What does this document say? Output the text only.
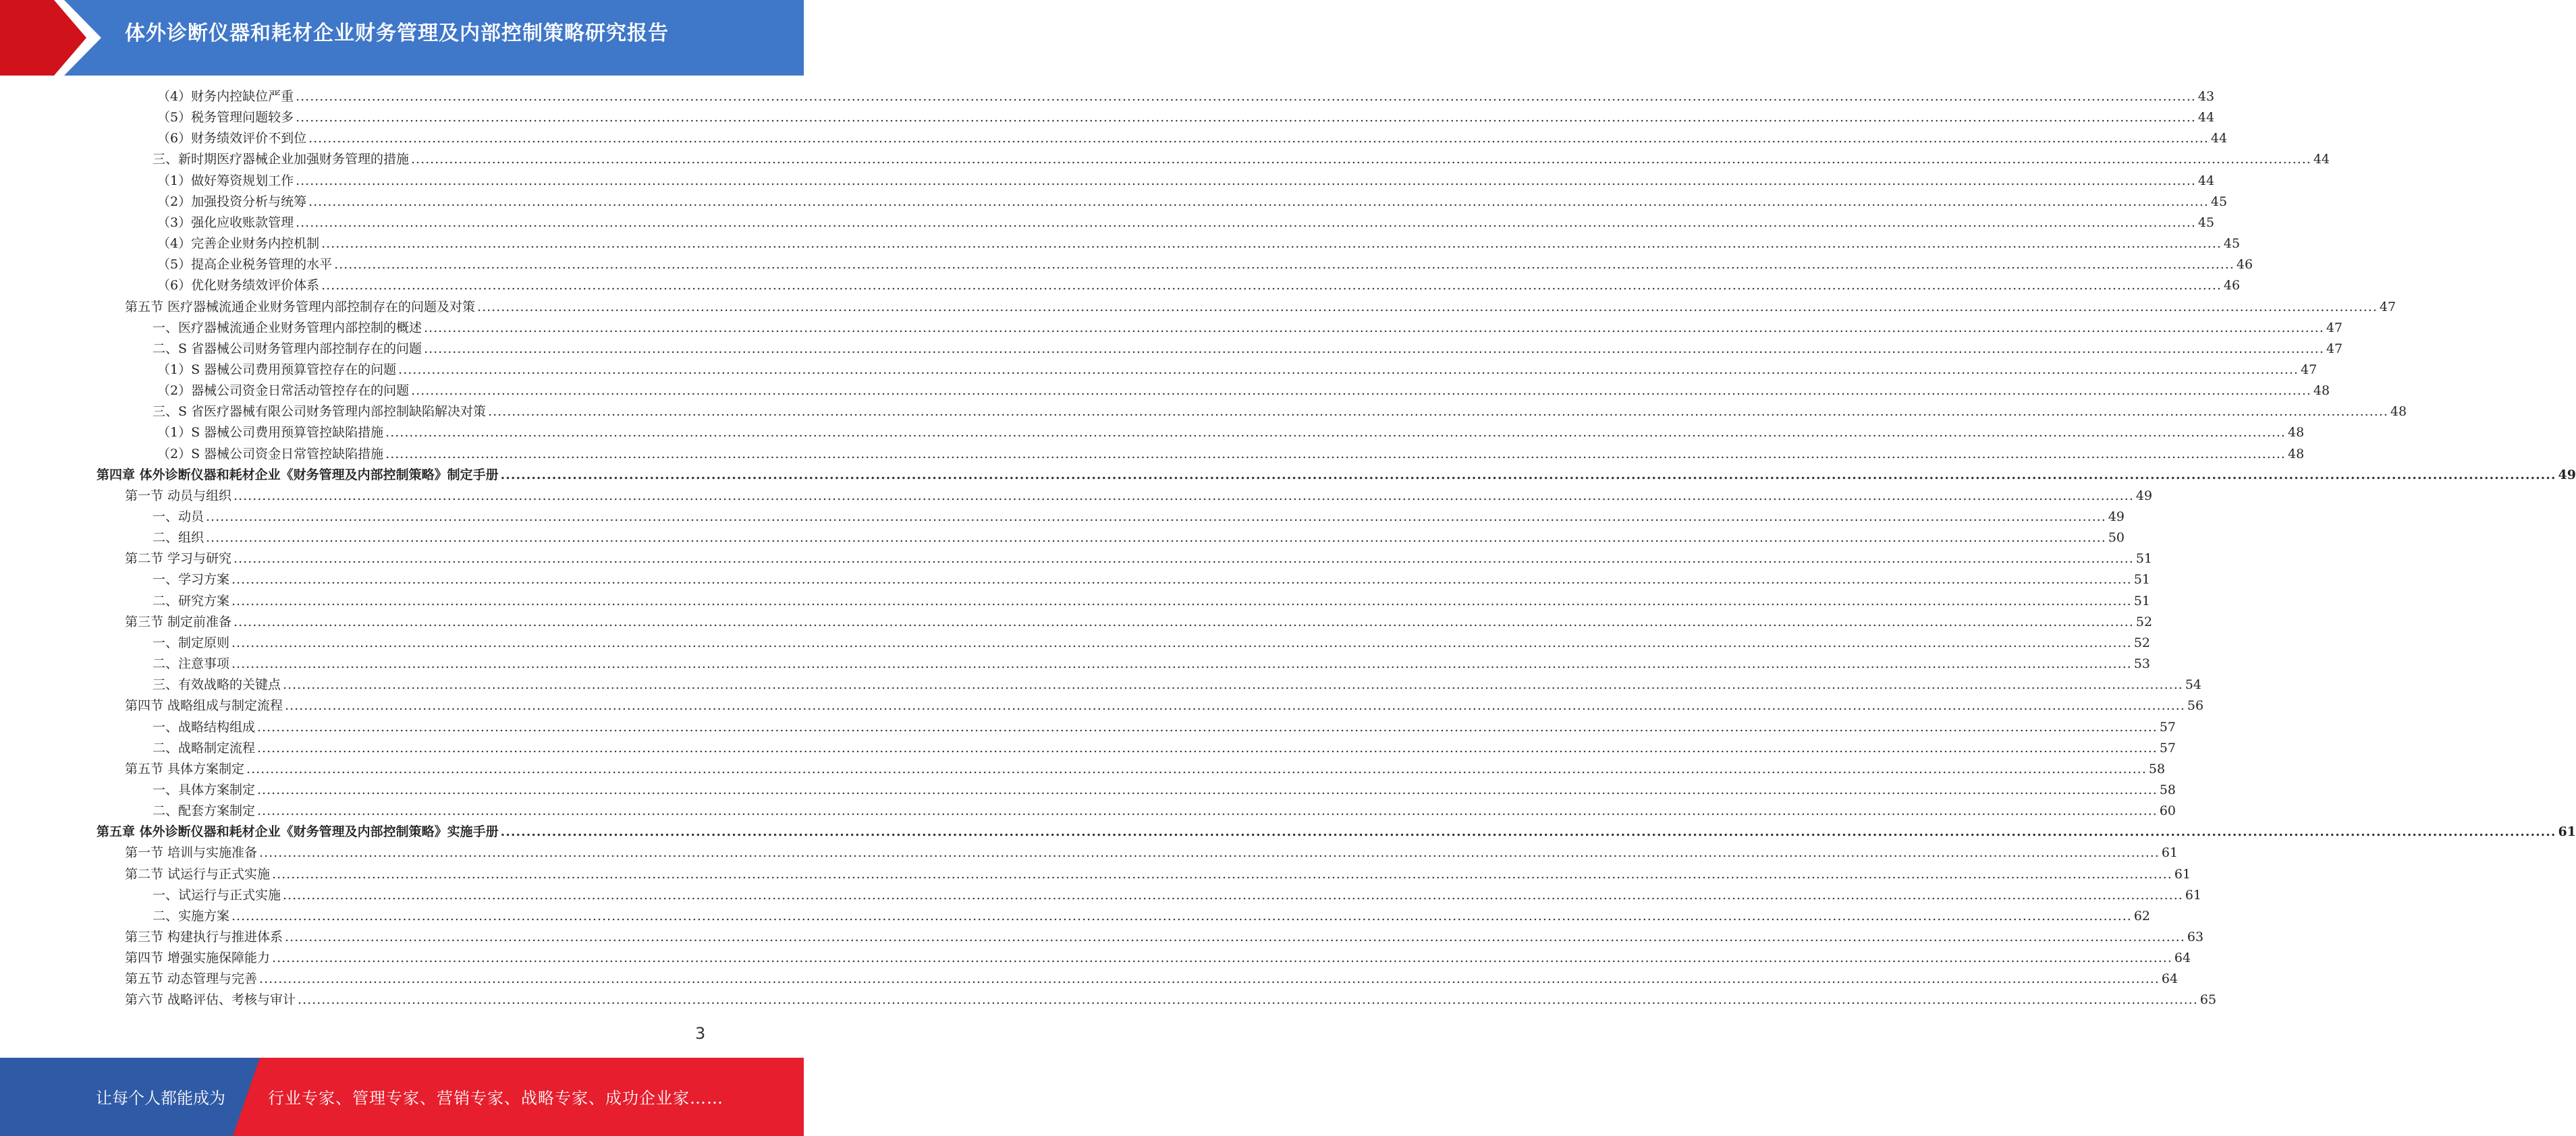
体外诊断仪器和耗材企业财务管理及内部控制策略研究报告
（4）财务内控缺位严重 ................................................................................................................................................................................................................................................................................................................................................................................................................ 43
（5）税务管理问题较多 ................................................................................................................................................................................................................................................................................................................................................................................................................ 44
（6）财务绩效评价不到位 ................................................................................................................................................................................................................................................................................................................................................................................................................ 44
三、新时期医疗器械企业加强财务管理的措施 ................................................................................................................................................................................................................................................................................................................................................................................................................ 44
（1）做好筹资规划工作 ................................................................................................................................................................................................................................................................................................................................................................................................................ 44
（2）加强投资分析与统筹 ................................................................................................................................................................................................................................................................................................................................................................................................................ 45
（3）强化应收账款管理 ................................................................................................................................................................................................................................................................................................................................................................................................................ 45
（4）完善企业财务内控机制 ................................................................................................................................................................................................................................................................................................................................................................................................................ 45
（5）提高企业税务管理的水平 ................................................................................................................................................................................................................................................................................................................................................................................................................ 46
（6）优化财务绩效评价体系 ................................................................................................................................................................................................................................................................................................................................................................................................................ 46
第五节 医疗器械流通企业财务管理内部控制存在的问题及对策 ................................................................................................................................................................................................................................................................................................................................................................................................................ 47
一、医疗器械流通企业财务管理内部控制的概述 ................................................................................................................................................................................................................................................................................................................................................................................................................ 47
二、S 省器械公司财务管理内部控制存在的问题 ................................................................................................................................................................................................................................................................................................................................................................................................................ 47
（1）S 器械公司费用预算管控存在的问题 ................................................................................................................................................................................................................................................................................................................................................................................................................ 47
（2）器械公司资金日常活动管控存在的问题 ................................................................................................................................................................................................................................................................................................................................................................................................................ 48
三、S 省医疗器械有限公司财务管理内部控制缺陷解决对策 ................................................................................................................................................................................................................................................................................................................................................................................................................ 48
（1）S 器械公司费用预算管控缺陷措施 ................................................................................................................................................................................................................................................................................................................................................................................................................ 48
（2）S 器械公司资金日常管控缺陷措施 ................................................................................................................................................................................................................................................................................................................................................................................................................ 48
第四章 体外诊断仪器和耗材企业《财务管理及内部控制策略》制定手册 ................................................................................................................................................................................................................................................................................................................................................................................................................ 49
第一节 动员与组织 ................................................................................................................................................................................................................................................................................................................................................................................................................ 49
一、动员 ................................................................................................................................................................................................................................................................................................................................................................................................................ 49
二、组织 ................................................................................................................................................................................................................................................................................................................................................................................................................ 50
第二节 学习与研究 ................................................................................................................................................................................................................................................................................................................................................................................................................ 51
一、学习方案 ................................................................................................................................................................................................................................................................................................................................................................................................................ 51
二、研究方案 ................................................................................................................................................................................................................................................................................................................................................................................................................ 51
第三节 制定前准备 ................................................................................................................................................................................................................................................................................................................................................................................................................ 52
一、制定原则 ................................................................................................................................................................................................................................................................................................................................................................................................................ 52
二、注意事项 ................................................................................................................................................................................................................................................................................................................................................................................................................ 53
三、有效战略的关键点 ................................................................................................................................................................................................................................................................................................................................................................................................................ 54
第四节 战略组成与制定流程 ................................................................................................................................................................................................................................................................................................................................................................................................................ 56
一、战略结构组成 ................................................................................................................................................................................................................................................................................................................................................................................................................ 57
二、战略制定流程 ................................................................................................................................................................................................................................................................................................................................................................................................................ 57
第五节 具体方案制定 ................................................................................................................................................................................................................................................................................................................................................................................................................ 58
一、具体方案制定 ................................................................................................................................................................................................................................................................................................................................................................................................................ 58
二、配套方案制定 ................................................................................................................................................................................................................................................................................................................................................................................................................ 60
第五章 体外诊断仪器和耗材企业《财务管理及内部控制策略》实施手册 ................................................................................................................................................................................................................................................................................................................................................................................................................ 61
第一节 培训与实施准备 ................................................................................................................................................................................................................................................................................................................................................................................................................ 61
第二节 试运行与正式实施 ................................................................................................................................................................................................................................................................................................................................................................................................................ 61
一、试运行与正式实施 ................................................................................................................................................................................................................................................................................................................................................................................................................ 61
二、实施方案 ................................................................................................................................................................................................................................................................................................................................................................................................................ 62
第三节 构建执行与推进体系 ................................................................................................................................................................................................................................................................................................................................................................................................................ 63
第四节 增强实施保障能力 ................................................................................................................................................................................................................................................................................................................................................................................................................ 64
第五节 动态管理与完善 ................................................................................................................................................................................................................................................................................................................................................................................................................ 64
第六节 战略评估、考核与审计 ................................................................................................................................................................................................................................................................................................................................................................................................................ 65
3
让每个人都能成为	行业专家、管理专家、营销专家、战略专家、成功企业家……
